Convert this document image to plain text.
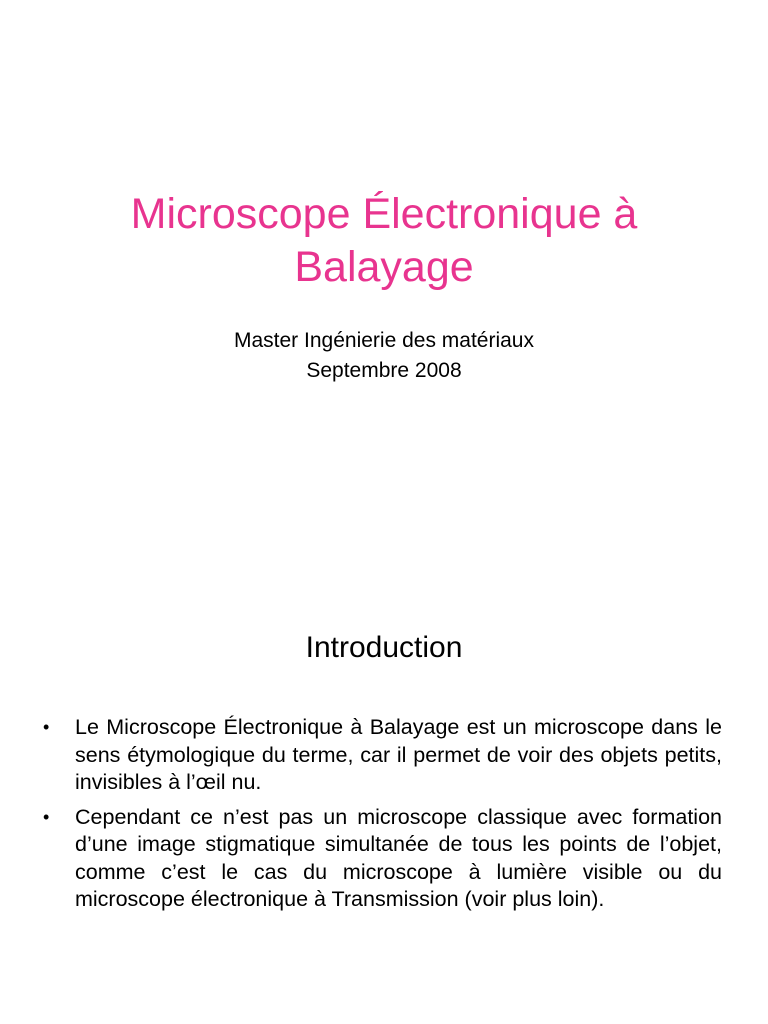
Microscope Électronique à Balayage
Master Ingénierie des matériaux
Septembre 2008
Introduction
• Le Microscope Électronique à Balayage est un microscope dans le sens étymologique du terme, car il permet de voir des objets petits, invisibles à l’œil nu.
• Cependant ce n’est pas un microscope classique avec formation d’une image stigmatique simultanée de tous les points de l’objet, comme c’est le cas du microscope à lumière visible ou du microscope électronique à Transmission (voir plus loin).
